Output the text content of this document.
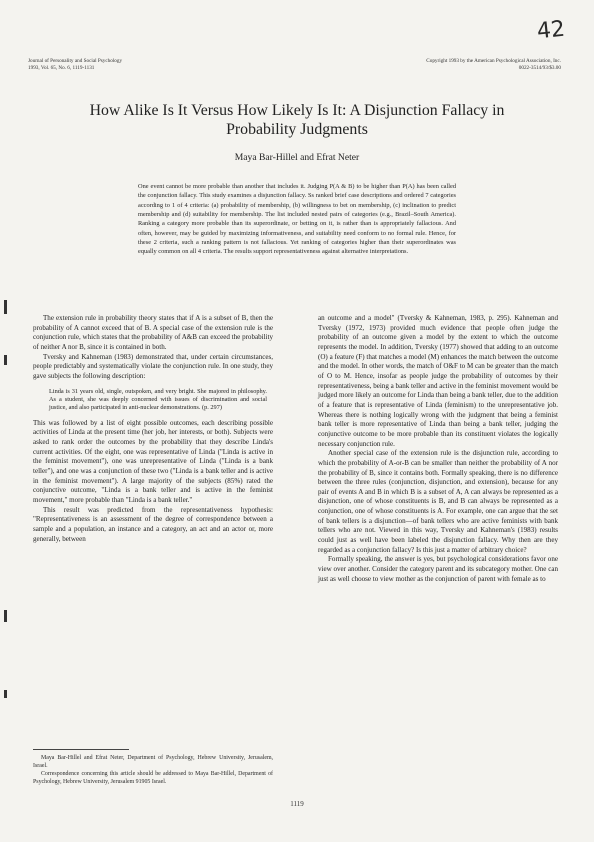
42
Journal of Personality and Social Psychology
1993, Vol. 65, No. 6, 1119-1131
Copyright 1993 by the American Psychological Association, Inc.
0022-3514/93/$3.00
How Alike Is It Versus How Likely Is It: A Disjunction Fallacy in
Probability Judgments
Maya Bar-Hillel and Efrat Neter

One event cannot be more probable than another that includes it. Judging P(A & B) to be higher than P(A) has been called the conjunction fallacy. This study examines a disjunction fallacy. Ss ranked brief case descriptions and ordered 7 categories according to 1 of 4 criteria: (a) probability of membership, (b) willingness to bet on membership, (c) inclination to predict membership and (d) suitability for membership. The list included nested pairs of categories (e.g., Brazil–South America). Ranking a category more probable than its superordinate, or betting on it, is rather than is appropriately fallacious. And often, however, may be guided by maximizing informativeness, and suitability need conform to no formal rule. Hence, for these 2 criteria, such a ranking pattern is not fallacious. Yet ranking of categories higher than their superordinates was equally common on all 4 criteria. The results support representativeness against alternative interpretations.

The extension rule in probability theory states that if A is a subset of B, then the probability of A cannot exceed that of B. A special case of the extension rule is the conjunction rule, which states that the probability of A&B can exceed the probability of neither A nor B, since it is contained in both.

Tversky and Kahneman (1983) demonstrated that, under certain circumstances, people predictably and systematically violate the conjunction rule. In one study, they gave subjects the following description:

Linda is 31 years old, single, outspoken, and very bright. She majored in philosophy. As a student, she was deeply concerned with issues of discrimination and social justice, and also participated in anti-nuclear demonstrations. (p. 297)

This was followed by a list of eight possible outcomes, each describing possible activities of Linda at the present time (her job, her interests, or both). Subjects were asked to rank order the outcomes by the probability that they describe Linda's current activities. Of the eight, one was representative of Linda ("Linda is active in the feminist movement"), one was unrepresentative of Linda ("Linda is a bank teller"), and one was a conjunction of these two ("Linda is a bank teller and is active in the feminist movement"). A large majority of the subjects (85%) rated the conjunctive outcome, "Linda is a bank teller and is active in the feminist movement," more probable than "Linda is a bank teller."

This result was predicted from the representativeness hypothesis: "Representativeness is an assessment of the degree of correspondence between a sample and a population, an instance and a category, an act and an actor or, more generally, between

an outcome and a model" (Tversky & Kahneman, 1983, p. 295). Kahneman and Tversky (1972, 1973) provided much evidence that people often judge the probability of an outcome given a model by the extent to which the outcome represents the model. In addition, Tversky (1977) showed that adding to an outcome (O) a feature (F) that matches a model (M) enhances the match between the outcome and the model. In other words, the match of O&F to M can be greater than the match of O to M. Hence, insofar as people judge the probability of outcomes by their representativeness, being a bank teller and active in the feminist movement would be judged more likely an outcome for Linda than being a bank teller, due to the addition of a feature that is representative of Linda (feminism) to the unrepresentative job. Whereas there is nothing logically wrong with the judgment that being a feminist bank teller is more representative of Linda than being a bank teller, judging the conjunctive outcome to be more probable than its constituent violates the logically necessary conjunction rule.

Another special case of the extension rule is the disjunction rule, according to which the probability of A-or-B can be smaller than neither the probability of A nor the probability of B, since it contains both. Formally speaking, there is no difference between the three rules (conjunction, disjunction, and extension), because for any pair of events A and B in which B is a subset of A, A can always be represented as a disjunction, one of whose constituents is B, and B can always be represented as a conjunction, one of whose constituents is A. For example, one can argue that the set of bank tellers is a disjunction—of bank tellers who are active feminists with bank tellers who are not. Viewed in this way, Tversky and Kahneman's (1983) results could just as well have been labeled the disjunction fallacy. Why then are they regarded as a conjunction fallacy? Is this just a matter of arbitrary choice?

Formally speaking, the answer is yes, but psychological considerations favor one view over another. Consider the category parent and its subcategory mother. One can just as well choose to view mother as the conjunction of parent with female as to

Maya Bar-Hillel and Efrat Neter, Department of Psychology, Hebrew University, Jerusalem, Israel.

Correspondence concerning this article should be addressed to Maya Bar-Hillel, Department of Psychology, Hebrew University, Jerusalem 91905 Israel.

1119
